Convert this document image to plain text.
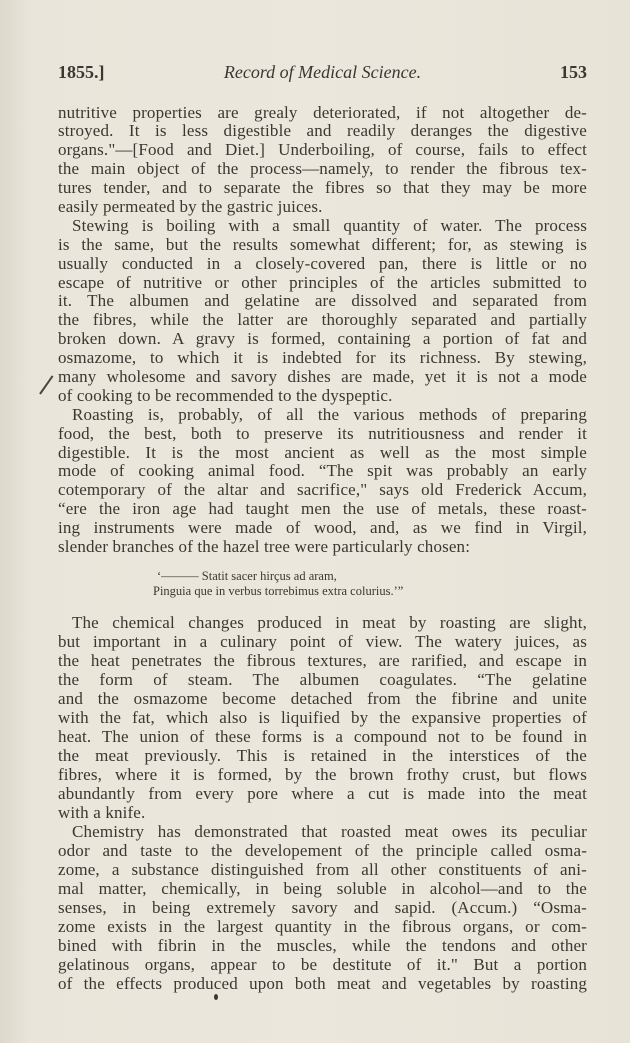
1855.]	Record of Medical Science.	153
nutritive properties are grealy deteriorated, if not altogether de-
stroyed. It is less digestible and readily deranges the digestive
organs."—[Food and Diet.] Underboiling, of course, fails to effect
the main object of the process—namely, to render the fibrous tex-
tures tender, and to separate the fibres so that they may be more
easily permeated by the gastric juices.
Stewing is boiling with a small quantity of water. The process
is the same, but the results somewhat different; for, as stewing is
usually conducted in a closely-covered pan, there is little or no
escape of nutritive or other principles of the articles submitted to
it. The albumen and gelatine are dissolved and separated from
the fibres, while the latter are thoroughly separated and partially
broken down. A gravy is formed, containing a portion of fat and
osmazome, to which it is indebted for its richness. By stewing,
many wholesome and savory dishes are made, yet it is not a mode
of cooking to be recommended to the dyspeptic.
Roasting is, probably, of all the various methods of preparing
food, the best, both to preserve its nutritiousness and render it
digestible. It is the most ancient as well as the most simple
mode of cooking animal food. “The spit was probably an early
cotemporary of the altar and sacrifice," says old Frederick Accum,
“ere the iron age had taught men the use of metals, these roast-
ing instruments were made of wood, and, as we find in Virgil,
slender branches of the hazel tree were particularly chosen:
‘——— Statit sacer hirçus ad aram,
Pinguia que in verbus torrebimus extra colurius.’”
The chemical changes produced in meat by roasting are slight,
but important in a culinary point of view. The watery juices, as
the heat penetrates the fibrous textures, are rarified, and escape in
the form of steam. The albumen coagulates. “The gelatine
and the osmazome become detached from the fibrine and unite
with the fat, which also is liquified by the expansive properties of
heat. The union of these forms is a compound not to be found in
the meat previously. This is retained in the interstices of the
fibres, where it is formed, by the brown frothy crust, but flows
abundantly from every pore where a cut is made into the meat
with a knife.
Chemistry has demonstrated that roasted meat owes its peculiar
odor and taste to the developement of the principle called osma-
zome, a substance distinguished from all other constituents of ani-
mal matter, chemically, in being soluble in alcohol—and to the
senses, in being extremely savory and sapid. (Accum.) “Osma-
zome exists in the largest quantity in the fibrous organs, or com-
bined with fibrin in the muscles, while the tendons and other
gelatinous organs, appear to be destitute of it." But a portion
of the effects produced upon both meat and vegetables by roasting
